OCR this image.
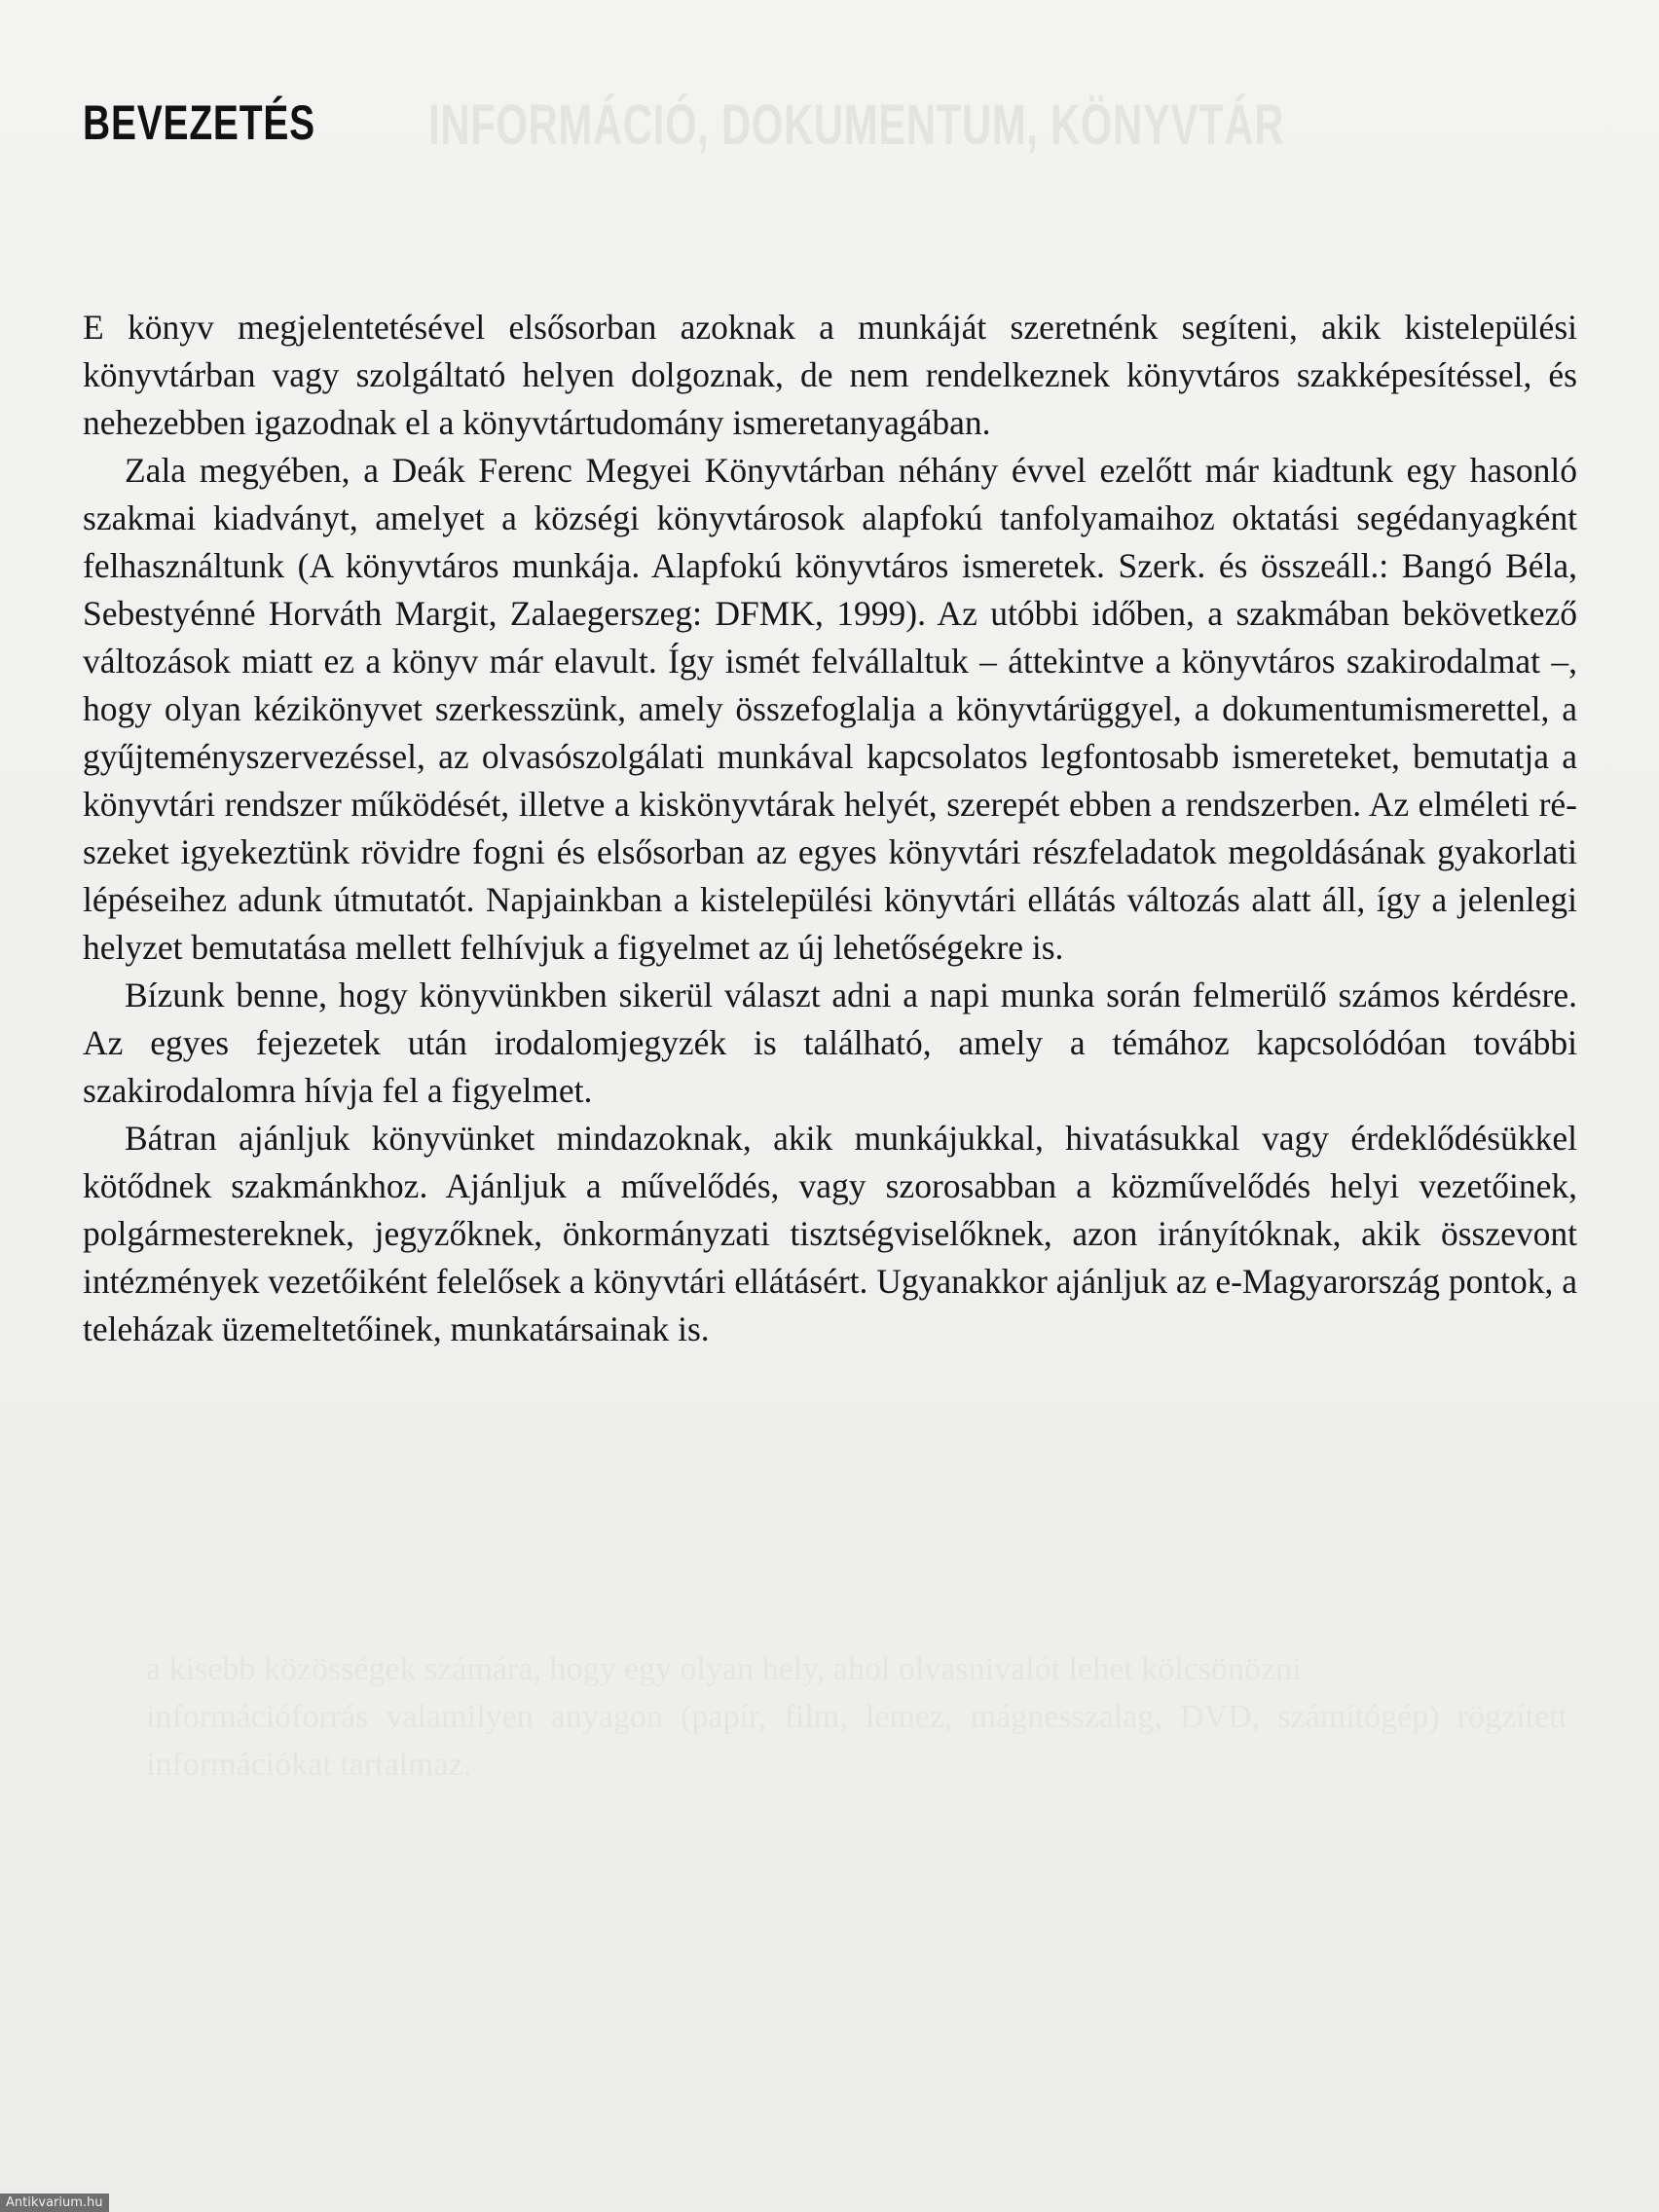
INFORMÁCIÓ, DOKUMENTUM, KÖNYVTÁR

a kisebb közösségek számára, hogy egy olyan hely, ahol olvasnivalót lehet kölcsönözni

információforrás valamilyen anyagon (papír, film, lemez, mágnesszalag, DVD, számítógép) rögzített információkat tartalmaz.

BEVEZETÉS

E könyv megjelentetésével elsősorban azoknak a munkáját szeretnénk segíteni, akik kistelepülési könyvtárban vagy szolgáltató helyen dolgoznak, de nem rendelkeznek könyvtáros szakképesítéssel, és nehezebben igazodnak el a könyvtártudomány ismeretanyagában.

Zala megyében, a Deák Ferenc Megyei Könyvtárban néhány évvel ezelőtt már kiadtunk egy hasonló szakmai kiadványt, amelyet a községi könyvtárosok alapfokú tanfolyamaihoz oktatási segédanyagként felhasználtunk (A könyvtáros munkája. Alapfokú könyvtáros ismeretek. Szerk. és összeáll.: Bangó Béla, Sebestyénné Horváth Margit, Zalaegerszeg: DFMK, 1999). Az utóbbi időben, a szakmában bekövetkező változások miatt ez a könyv már elavult. Így ismét felvállaltuk – áttekintve a könyvtáros szakirodalmat –, hogy olyan kézikönyvet szerkesszünk, amely összefoglalja a könyvtárüggyel, a dokumentumismerettel, a gyűjteményszervezéssel, az olvasószolgálati munkával kapcsolatos legfontosabb ismereteket, bemutatja a könyvtári rendszer működését, illetve a kiskönyvtárak helyét, szerepét ebben a rendszerben. Az elméleti részeket igyekeztünk rövidre fogni és elsősorban az egyes könyvtári részfeladatok megoldásának gyakorlati lépéseihez adunk útmutatót. Napjainkban a kistelepülési könyvtári ellátás változás alatt áll, így a jelenlegi helyzet bemutatása mellett felhívjuk a figyelmet az új lehetőségekre is.

Bízunk benne, hogy könyvünkben sikerül választ adni a napi munka során felmerülő számos kérdésre. Az egyes fejezetek után irodalomjegyzék is található, amely a témához kapcsolódóan további szakirodalomra hívja fel a figyelmet.

Bátran ajánljuk könyvünket mindazoknak, akik munkájukkal, hivatásukkal vagy érdeklődésükkel kötődnek szakmánkhoz. Ajánljuk a művelődés, vagy szorosabban a közművelődés helyi vezetőinek, polgármestereknek, jegyzőknek, önkormányzati tisztségviselőknek, azon irányítóknak, akik összevont intézmények vezetőiként felelősek a könyvtári ellátásért. Ugyanakkor ajánljuk az e-Magyarország pontok, a teleházak üzemeltetőinek, munkatársainak is.

Antikvarium.hu
